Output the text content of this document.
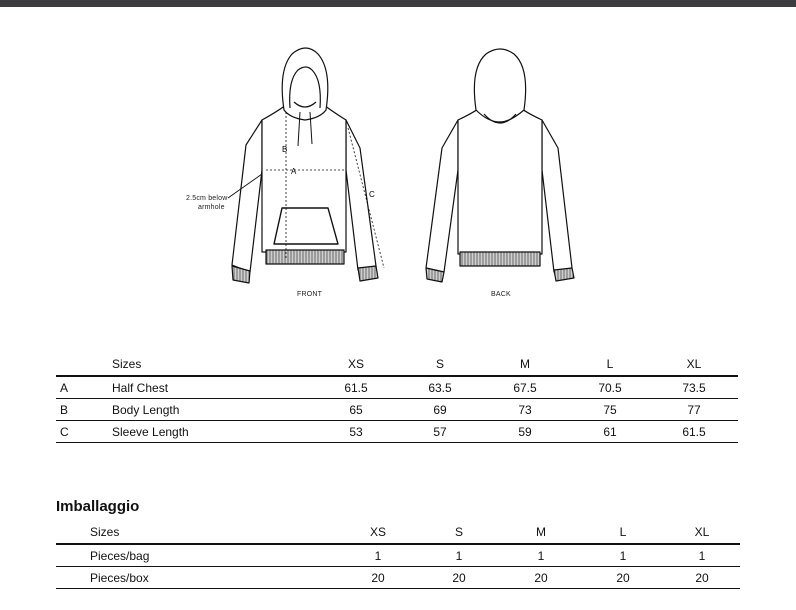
B
A
C
2.5cm below
armhole
FRONT	BACK
	Sizes	XS	S	M	L	XL
A	Half Chest	61.5	63.5	67.5	70.5	73.5
B	Body Length	65	69	73	75	77
C	Sleeve Length	53	57	59	61	61.5
Imballaggio
Sizes	XS	S	M	L	XL
Pieces/bag	1	1	1	1	1
Pieces/box	20	20	20	20	20
